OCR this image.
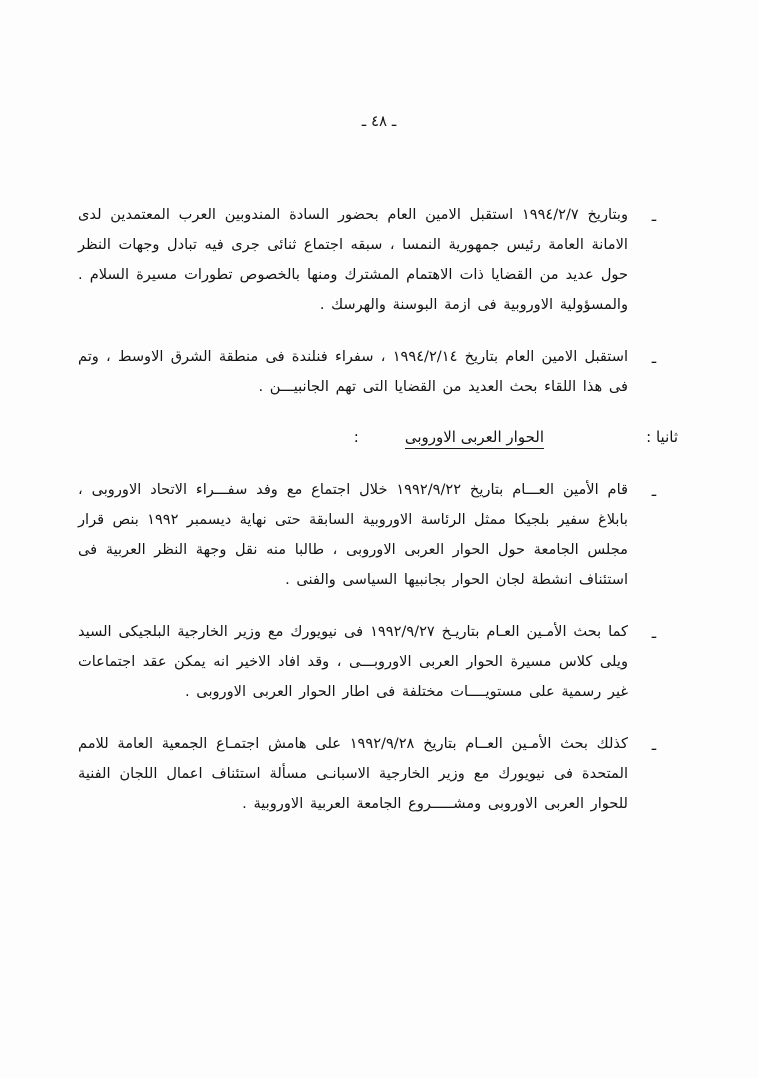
ـ ٤٨ ـ
ـ
وبتاريخ ١٩٩٤/٢/٧ استقبل الامين العام بحضور السادة المندوبين العرب المعتمدين لدى الامانة العامة رئيس جمهورية النمسا ، سبقه اجتماع ثنائى جرى فيه تبادل وجهات النظر حول عديد من القضايا ذات الاهتمام المشترك ومنها بالخصوص تطورات مسيرة السلام . والمسؤولية الاوروبية فى ازمة البوسنة والهرسك .
ـ
استقبل الامين العام بتاريخ ١٩٩٤/٢/١٤ ، سفراء فنلندة فى منطقة الشرق الاوسط ، وتم فى هذا اللقاء بحث العديد من القضايا التى تهم الجانبيـــن .
ثانيا :
الحوار العربى الاوروبى
:
ـ
قام الأمين العـــام بتاريخ ١٩٩٢/٩/٢٢ خلال اجتماع مع وفد سفـــراء الاتحاد الاوروبى ، بابلاغ سفير بلجيكا ممثل الرئاسة الاوروبية السابقة حتى نهاية ديسمبر ١٩٩٢ بنص قرار مجلس الجامعة حول الحوار العربى الاوروبى ، طالبا منه نقل وجهة النظر العربية فى استئناف انشطة لجان الحوار بجانبيها السياسى والفنى .
ـ
كما بحث الأمـين العـام بتاريـخ ١٩٩٢/٩/٢٧ فى نيويورك مع وزير الخارجية البلجيكى السيد ويلى كلاس مسيرة الحوار العربى الاوروبـــى ، وقد افاد الاخير انه يمكن عقد اجتماعات غير رسمية على مستويــــات مختلفة فى اطار الحوار العربى الاوروبى .
ـ
كذلك بحث الأمـين العــام بتاريخ ١٩٩٢/٩/٢٨ على هامش اجتمـاع الجمعية العامة للامم المتحدة فى نيويورك مع وزير الخارجية الاسبانـى مسألة استئناف اعمال اللجان الفنية للحوار العربى الاوروبى ومشـــــروع الجامعة العربية الاوروبية .
